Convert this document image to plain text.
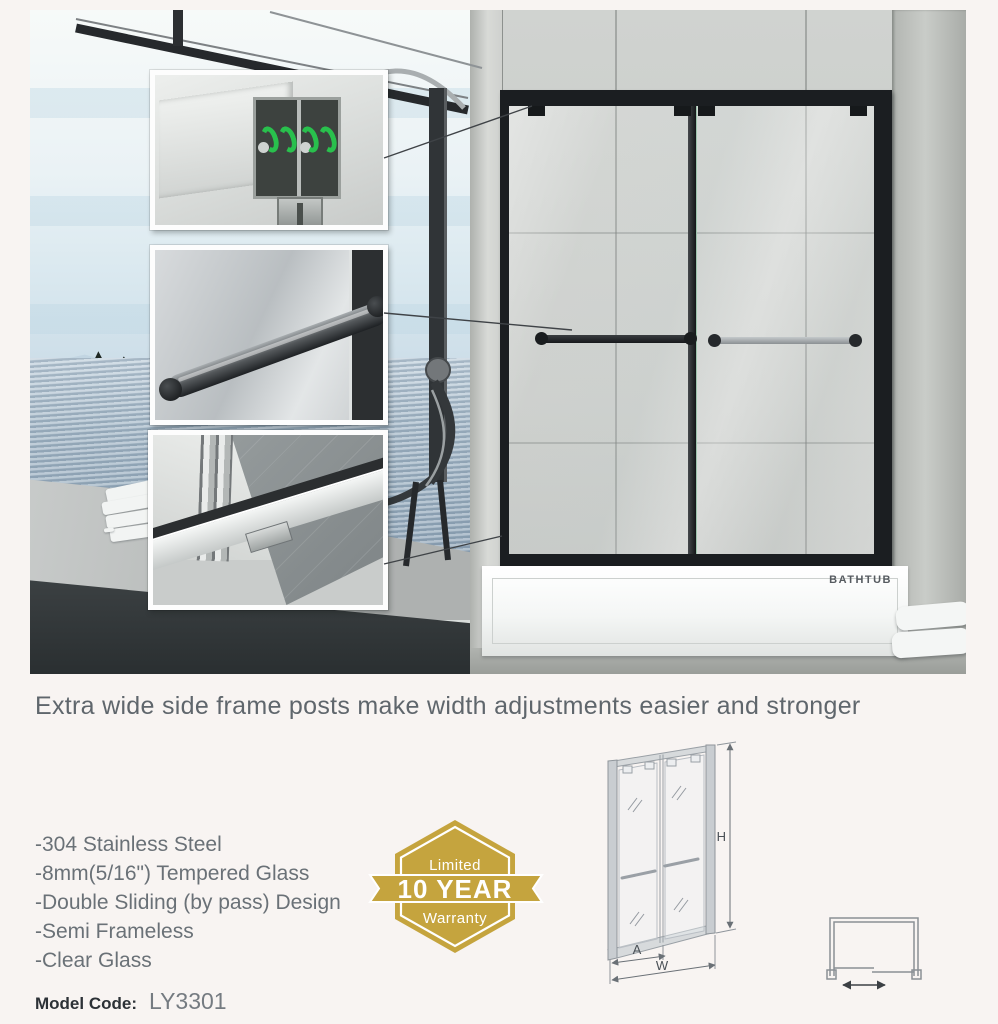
BATHTUB
Extra wide side frame posts make width adjustments easier and stronger
-304 Stainless Steel
-8mm(5/16") Tempered Glass
-Double Sliding (by pass) Design
-Semi Frameless
-Clear Glass
Limited
10 YEAR
Warranty
H
A
W
Model Code: LY3301
